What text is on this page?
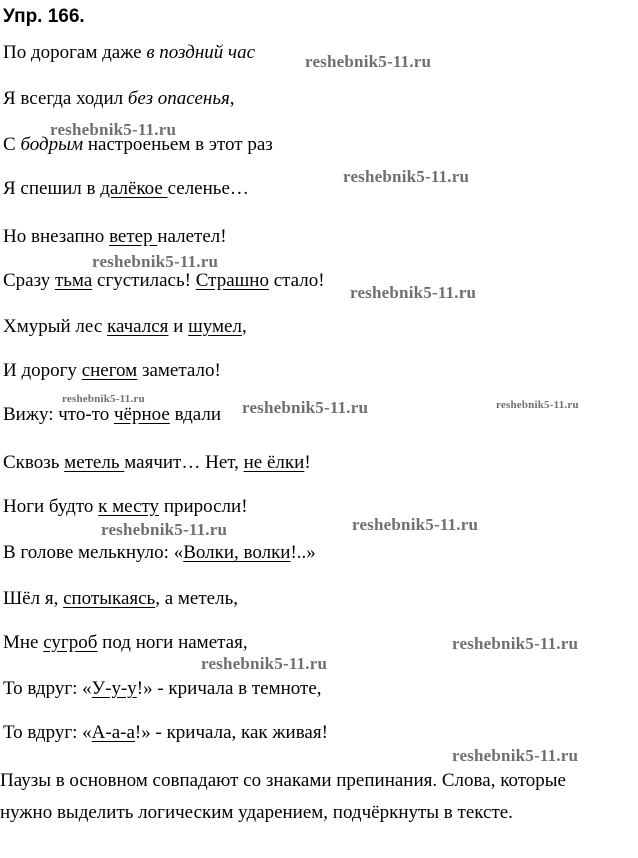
Упр. 166.
По дорогам даже в поздний час
Я всегда ходил без опасенья,
С бодрым настроеньем в этот раз
Я спешил в далёкое селенье…
Но внезапно ветер налетел!
Сразу тьма сгустилась! Страшно стало!
Хмурый лес качался и шумел,
И дорогу снегом заметало!
Вижу: что-то чёрное вдали
Сквозь метель маячит… Нет, не ёлки!
Ноги будто к месту приросли!
В голове мелькнуло: «Волки, волки!..»
Шёл я, спотыкаясь, а метель,
Мне сугроб под ноги наметая,
То вдруг: «У-у-у!» - кричала в темноте,
То вдруг: «А-а-а!» - кричала, как живая!
Паузы в основном совпадают со знаками препинания. Слова, которые
нужно выделить логическим ударением, подчёркнуты в тексте.
reshebnik5-11.ru
reshebnik5-11.ru
reshebnik5-11.ru
reshebnik5-11.ru
reshebnik5-11.ru
reshebnik5-11.ru	reshebnik5-11.ru	reshebnik5-11.ru
reshebnik5-11.ru	reshebnik5-11.ru
reshebnik5-11.ru
reshebnik5-11.ru
reshebnik5-11.ru
